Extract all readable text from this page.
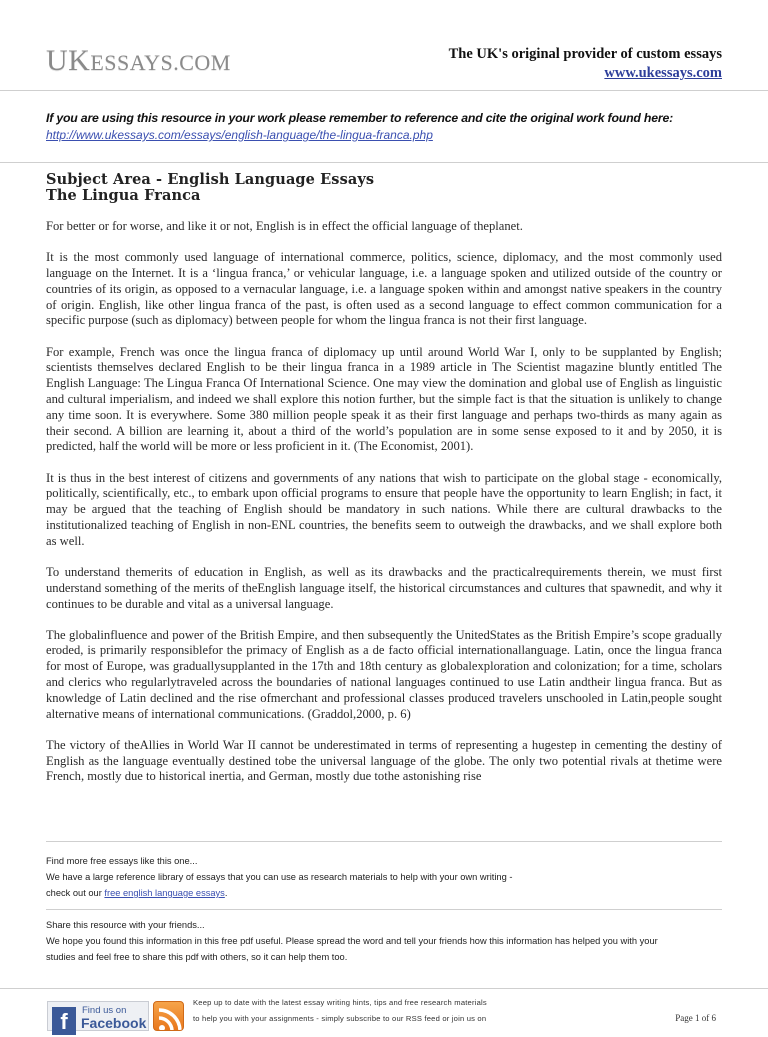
UKESSAYS.COM	The UK's original provider of custom essays
www.ukessays.com
If you are using this resource in your work please remember to reference and cite the original work found here:
http://www.ukessays.com/essays/english-language/the-lingua-franca.php
Subject Area - English Language Essays
The Lingua Franca

For better or for worse, and like it or not, English is in effect the official language of theplanet.

It is the most commonly used language of international commerce, politics, science, diplomacy, and the most commonly used language on the Internet. It is a ‘lingua franca,’ or vehicular language, i.e. a language spoken and utilized outside of the country or countries of its origin, as opposed to a vernacular language, i.e. a language spoken within and amongst native speakers in the country of origin. English, like other lingua franca of the past, is often used as a second language to effect common communication for a specific purpose (such as diplomacy) between people for whom the lingua franca is not their first language.

For example, French was once the lingua franca of diplomacy up until around World War I, only to be supplanted by English; scientists themselves declared English to be their lingua franca in a 1989 article in The Scientist magazine bluntly entitled The English Language: The Lingua Franca Of International Science. One may view the domination and global use of English as linguistic and cultural imperialism, and indeed we shall explore this notion further, but the simple fact is that the situation is unlikely to change any time soon. It is everywhere. Some 380 million people speak it as their first language and perhaps two-thirds as many again as their second. A billion are learning it, about a third of the world’s population are in some sense exposed to it and by 2050, it is predicted, half the world will be more or less proficient in it. (The Economist, 2001).

It is thus in the best interest of citizens and governments of any nations that wish to participate on the global stage - economically, politically, scientifically, etc., to embark upon official programs to ensure that people have the opportunity to learn English; in fact, it may be argued that the teaching of English should be mandatory in such nations. While there are cultural drawbacks to the institutionalized teaching of English in non-ENL countries, the benefits seem to outweigh the drawbacks, and we shall explore both as well.

To understand themerits of education in English, as well as its drawbacks and the practicalrequirements therein, we must first understand something of the merits of theEnglish language itself, the historical circumstances and cultures that spawnedit, and why it continues to be durable and vital as a universal language.

The globalinfluence and power of the British Empire, and then subsequently the UnitedStates as the British Empire’s scope gradually eroded, is primarily responsiblefor the primacy of English as a de facto official internationallanguage. Latin, once the lingua franca for most of Europe, was graduallysupplanted in the 17th and 18th century as globalexploration and colonization; for a time, scholars and clerics who regularlytraveled across the boundaries of national languages continued to use Latin andtheir lingua franca. But as knowledge of Latin declined and the rise ofmerchant and professional classes produced travelers unschooled in Latin,people sought alternative means of international communications. (Graddol,2000, p. 6)

The victory of theAllies in World War II cannot be underestimated in terms of representing a hugestep in cementing the destiny of English as the language eventually destined tobe the universal language of the globe. The only two potential rivals at thetime were French, mostly due to historical inertia, and German, mostly due tothe astonishing rise

Find more free essays like this one...
We have a large reference library of essays that you can use as research materials to help with your own writing -
check out our free english language essays.
Share this resource with your friends...
We hope you found this information in this free pdf useful. Please spread the word and tell your friends how this information has helped you with your
studies and feel free to share this pdf with others, so it can help them too.
f	Find us on
Facebook
Keep up to date with the latest essay writing hints, tips and free research materials
to help you with your assignments - simply subscribe to our RSS feed or join us on	Page 1 of 6
